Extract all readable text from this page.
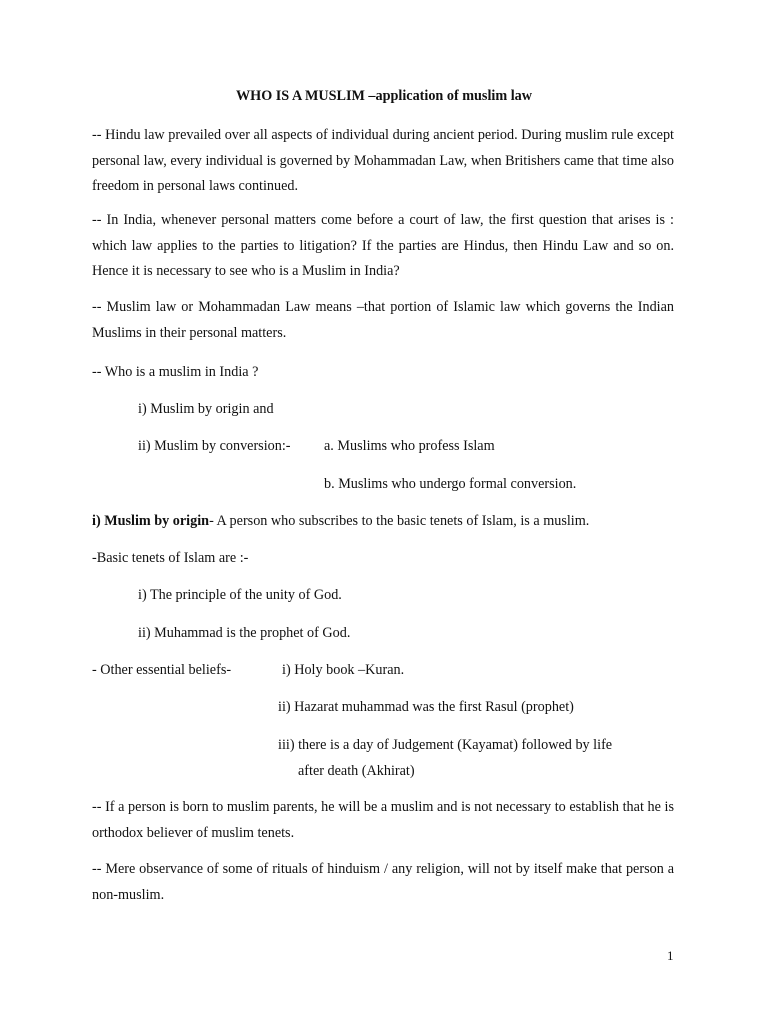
WHO IS A MUSLIM –application of muslim law
-- Hindu law prevailed over all aspects of individual during ancient period. During muslim rule except personal law, every individual is governed by Mohammadan Law, when Britishers came that time also freedom in personal laws continued.
-- In India, whenever personal matters come before a court of law, the first question that arises is : which law applies to the parties to litigation? If the parties are Hindus, then Hindu Law and so on. Hence it is necessary to see who is a Muslim in India?
-- Muslim law or Mohammadan Law means –that portion of Islamic law which governs the Indian Muslims in their personal matters.
-- Who is a muslim in India ?
i) Muslim by origin and
ii) Muslim by conversion:- a. Muslims who profess Islam
b. Muslims who undergo formal conversion.
i) Muslim by origin- A person who subscribes to the basic tenets of Islam, is a muslim.
-Basic tenets of Islam are :-
i) The principle of the unity of God.
ii) Muhammad is the prophet of God.
- Other essential beliefs-	i) Holy book –Kuran.
ii) Hazarat muhammad was the first Rasul (prophet)
iii) there is a day of Judgement (Kayamat) followed by life
after death (Akhirat)
-- If a person is born to muslim parents, he will be a muslim and is not necessary to establish that he is orthodox believer of muslim tenets.
-- Mere observance of some of rituals of hinduism / any religion, will not by itself make that person a non-muslim.
1
